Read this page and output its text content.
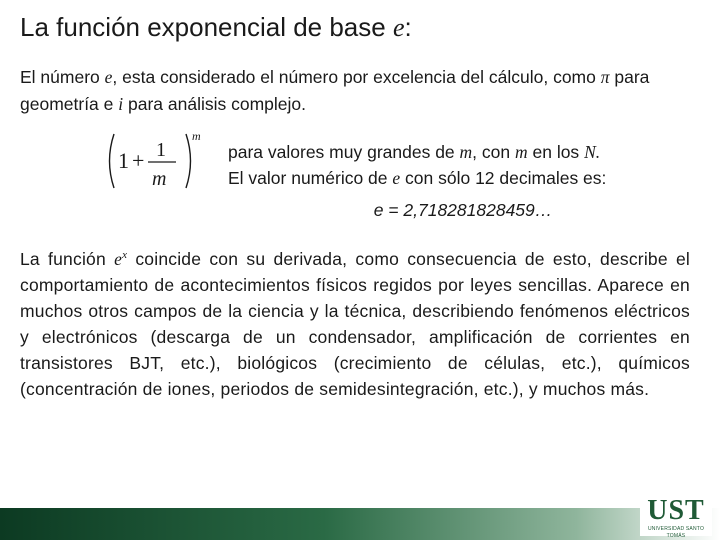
La función exponencial de base e:
El número e, esta considerado el número por excelencia del cálculo, como π para geometría e i para análisis complejo.
1 + 1
m
m
para valores muy grandes de m, con m en los N.
El valor numérico de e con sólo 12 decimales es:
e = 2,718281828459…
La función $e^x$ coincide con su derivada, como consecuencia de esto, describe el comportamiento de acontecimientos físicos regidos por leyes sencillas. Aparece en muchos otros campos de la ciencia y la técnica, describiendo fenómenos eléctricos y electrónicos (descarga de un condensador, amplificación de corrientes en transistores BJT, etc.), biológicos (crecimiento de células, etc.), químicos (concentración de iones, periodos de semidesintegración, etc.), y muchos más.
UST
UNIVERSIDAD SANTO TOMÁS
